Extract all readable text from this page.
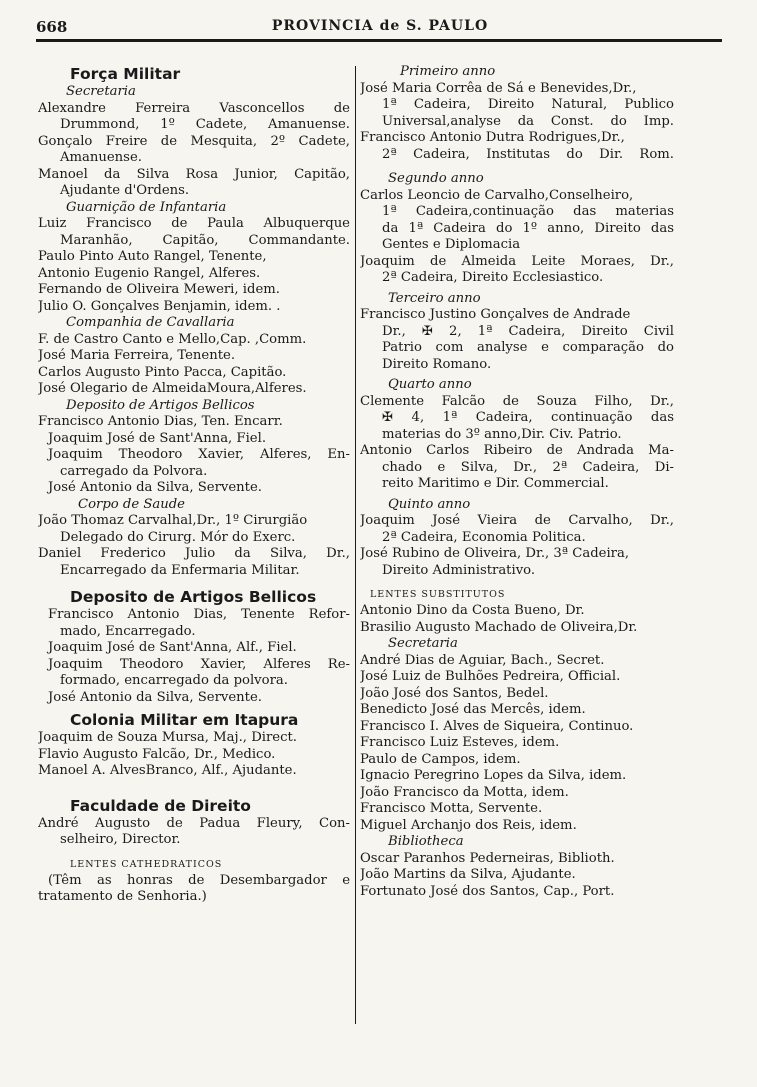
668	PROVINCIA de S. PAULO
Força Militar
Secretaria
Alexandre Ferreira Vasconcellos de
Drummond, 1º Cadete, Amanuense.
Gonçalo Freire de Mesquita, 2º Cadete,
Amanuense.
Manoel da Silva Rosa Junior, Capitão,
Ajudante d'Ordens.
Guarnição de Infantaria
Luiz Francisco de Paula Albuquerque
Maranhão, Capitão, Commandante.
Paulo Pinto Auto Rangel, Tenente,
Antonio Eugenio Rangel, Alferes.
Fernando de Oliveira Meweri, idem.
Julio O. Gonçalves Benjamin, idem. .
Companhia de Cavallaria
F. de Castro Canto e Mello,Cap. ,Comm.
José Maria Ferreira, Tenente.
Carlos Augusto Pinto Pacca, Capitão.
José Olegario de AlmeidaMoura,Alferes.
Deposito de Artigos Bellicos
Francisco Antonio Dias, Ten. Encarr.
Joaquim José de Sant'Anna, Fiel.
Joaquim Theodoro Xavier, Alferes, En-
carregado da Polvora.
José Antonio da Silva, Servente.
Corpo de Saude
João Thomaz Carvalhal,Dr., 1º Cirurgião
Delegado do Cirurg. Mór do Exerc.
Daniel Frederico Julio da Silva, Dr.,
Encarregado da Enfermaria Militar.
Deposito de Artigos Bellicos
Francisco Antonio Dias, Tenente Refor-
mado, Encarregado.
Joaquim José de Sant'Anna, Alf., Fiel.
Joaquim Theodoro Xavier, Alferes Re-
formado, encarregado da polvora.
José Antonio da Silva, Servente.
Colonia Militar em Itapura
Joaquim de Souza Mursa, Maj., Direct.
Flavio Augusto Falcão, Dr., Medico.
Manoel A. AlvesBranco, Alf., Ajudante.
Faculdade de Direito
André Augusto de Padua Fleury, Con-
selheiro, Director.
LENTES CATHEDRATICOS
(Têm as honras de Desembargador e
tratamento de Senhoria.)
Primeiro anno
José Maria Corrêa de Sá e Benevides,Dr.,
1ª Cadeira, Direito Natural, Publico
Universal,analyse da Const. do Imp.
Francisco Antonio Dutra Rodrigues,Dr.,
2ª Cadeira, Institutas do Dir. Rom.
Segundo anno
Carlos Leoncio de Carvalho,Conselheiro,
1ª Cadeira,continuação das materias
da 1ª Cadeira do 1º anno, Direito das
Gentes e Diplomacia
Joaquim de Almeida Leite Moraes, Dr.,
2ª Cadeira, Direito Ecclesiastico.
Terceiro anno
Francisco Justino Gonçalves de Andrade
Dr., ✠ 2, 1ª Cadeira, Direito Civil
Patrio com analyse e comparação do
Direito Romano.
Quarto anno
Clemente Falcão de Souza Filho, Dr.,
✠ 4, 1ª Cadeira, continuação das
materias do 3º anno,Dir. Civ. Patrio.
Antonio Carlos Ribeiro de Andrada Ma-
chado e Silva, Dr., 2ª Cadeira, Di-
reito Maritimo e Dir. Commercial.
Quinto anno
Joaquim José Vieira de Carvalho, Dr.,
2ª Cadeira, Economia Politica.
José Rubino de Oliveira, Dr., 3ª Cadeira,
Direito Administrativo.
LENTES SUBSTITUTOS
Antonio Dino da Costa Bueno, Dr.
Brasilio Augusto Machado de Oliveira,Dr.
Secretaria
André Dias de Aguiar, Bach., Secret.
José Luiz de Bulhões Pedreira, Official.
João José dos Santos, Bedel.
Benedicto José das Mercês, idem.
Francisco I. Alves de Siqueira, Continuo.
Francisco Luiz Esteves, idem.
Paulo de Campos, idem.
Ignacio Peregrino Lopes da Silva, idem.
João Francisco da Motta, idem.
Francisco Motta, Servente.
Miguel Archanjo dos Reis, idem.
Bibliotheca
Oscar Paranhos Pederneiras, Biblioth.
João Martins da Silva, Ajudante.
Fortunato José dos Santos, Cap., Port.
